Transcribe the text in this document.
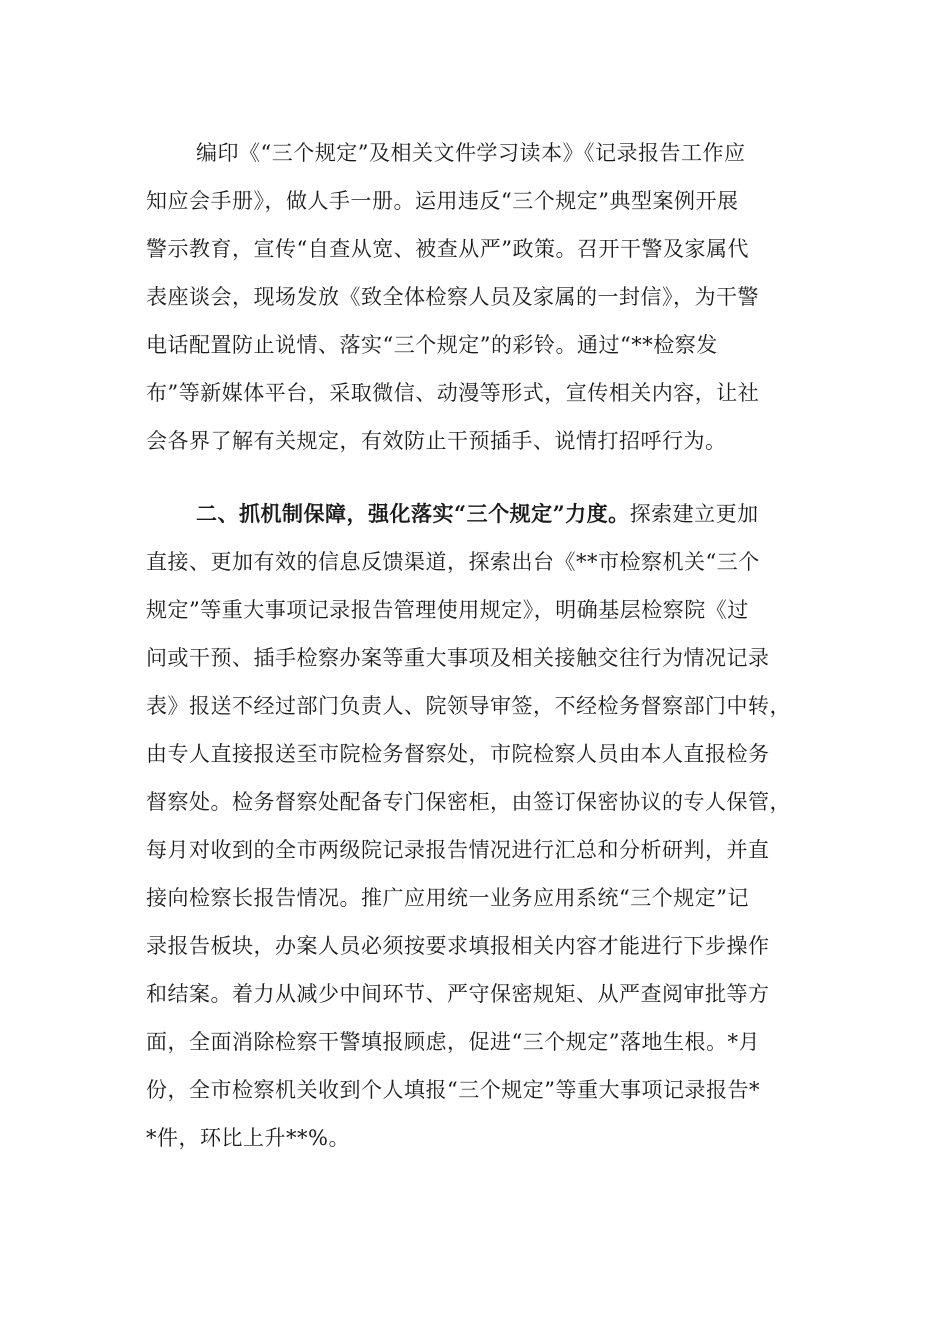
编印《“三个规定”及相关文件学习读本》《记录报告工作应
知应会手册》，做人手一册。运用违反“三个规定”典型案例开展
警示教育，宣传“自查从宽、被查从严”政策。召开干警及家属代
表座谈会，现场发放《致全体检察人员及家属的一封信》，为干警
电话配置防止说情、落实“三个规定”的彩铃。通过“**检察发
布”等新媒体平台，采取微信、动漫等形式，宣传相关内容，让社
会各界了解有关规定，有效防止干预插手、说情打招呼行为。
二、抓机制保障，强化落实“三个规定”力度。探索建立更加
直接、更加有效的信息反馈渠道，探索出台《**市检察机关“三个
规定”等重大事项记录报告管理使用规定》，明确基层检察院《过
问或干预、插手检察办案等重大事项及相关接触交往行为情况记录
表》报送不经过部门负责人、院领导审签，不经检务督察部门中转，
由专人直接报送至市院检务督察处，市院检察人员由本人直报检务
督察处。检务督察处配备专门保密柜，由签订保密协议的专人保管，
每月对收到的全市两级院记录报告情况进行汇总和分析研判，并直
接向检察长报告情况。推广应用统一业务应用系统“三个规定”记
录报告板块，办案人员必须按要求填报相关内容才能进行下步操作
和结案。着力从减少中间环节、严守保密规矩、从严查阅审批等方
面，全面消除检察干警填报顾虑，促进“三个规定”落地生根。*月
份，全市检察机关收到个人填报“三个规定”等重大事项记录报告*
*件，环比上升**%。
